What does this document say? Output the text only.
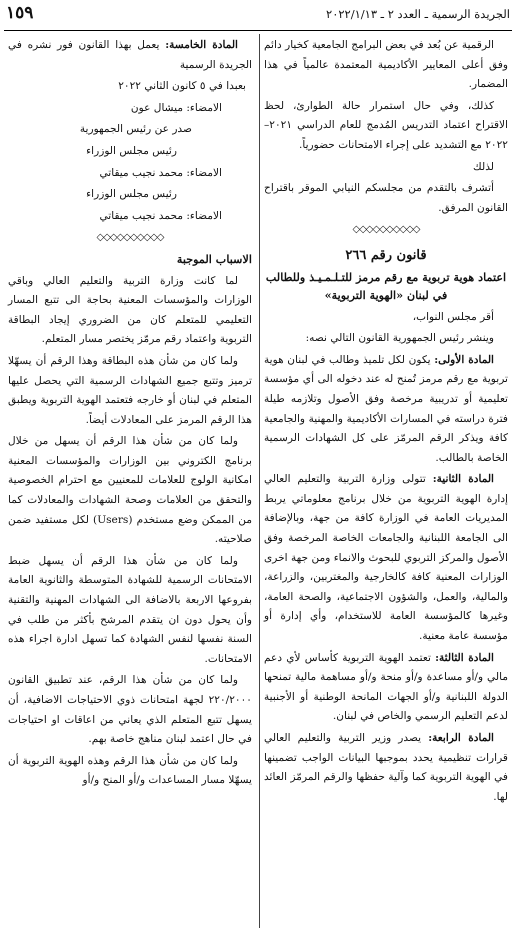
١٥٩	الجريدة الرسمية ـ العدد ٢ ـ ٢٠٢٢/١/١٣

الرقمية عن بُعد في بعض البرامج الجامعية كخيار دائم وفق أعلى المعايير الأكاديمية المعتمدة عالمياً في هذا المضمار.

كذلك، وفي حال استمرار حالة الطوارئ، لحظ الاقتراح اعتماد التدريس المُدمج للعام الدراسي ٢٠٢١–٢٠٢٢ مع التشديد على إجراء الامتحانات حضورياً.

لذلك

أتشرف بالتقدم من مجلسكم النيابي الموقر باقتراح القانون المرفق.

◇◇◇◇◇◇◇◇◇◇
قانون رقم ٢٦٦
اعتماد هوية تربوية مع رقم مرمز للتـلـمـيـذ وللطالب في لبنان «الهوية التربوية»

أقر مجلس النواب،

وينشر رئيس الجمهورية القانون التالي نصه:

المادة الأولى: يكون لكل تلميذ وطالب في لبنان هوية تربوية مع رقم مرمز تُمنح له عند دخوله الى أي مؤسسة تعليمية أو تدريبية مرخصة وفق الأصول وتلازمه طيلة فترة دراسته في المسارات الأكاديمية والمهنية والجامعية كافة ويذكر الرقم المرمّز على كل الشهادات الرسمية الخاصة بالطالب.

المادة الثانية: تتولى وزارة التربية والتعليم العالي إدارة الهوية التربوية من خلال برنامج معلوماتي يربط المديريات العامة في الوزارة كافة من جهة، وبالإضافة الى الجامعة اللبنانية والجامعات الخاصة المرخصة وفق الأصول والمركز التربوي للبحوث والانماء ومن جهة اخرى الوزارات المعنية كافة كالخارجية والمغتربين، والزراعة، والمالية، والعمل، والشؤون الاجتماعية، والصحة العامة، وغيرها كالمؤسسة العامة للاستخدام، وأي إدارة أو مؤسسة عامة معنية.

المادة الثالثة: تعتمد الهوية التربوية كأساس لأي دعم مالي و/أو مساعدة و/أو منحة و/أو مساهمة مالية تمنحها الدولة اللبنانية و/أو الجهات المانحة الوطنية أو الأجنبية لدعم التعليم الرسمي والخاص في لبنان.

المادة الرابعة: يصدر وزير التربية والتعليم العالي قرارات تنظيمية يحدد بموجبها البيانات الواجب تضمينها في الهوية التربوية كما وآلية حفظها والرقم المرمّز العائد لها.

المادة الخامسة: يعمل بهذا القانون فور نشره في الجريدة الرسمية

بعبدا في ٥ كانون الثاني ٢٠٢٢

الامضاء: ميشال عون

صدر عن رئيس الجمهورية

رئيس مجلس الوزراء

الامضاء: محمد نجيب ميقاتي

رئيس مجلس الوزراء

الامضاء: محمد نجيب ميقاتي

◇◇◇◇◇◇◇◇◇◇

الاسباب الموجبة

لما كانت وزارة التربية والتعليم العالي وباقي الوزارات والمؤسسات المعنية بحاجة الى تتبع المسار التعليمي للمتعلم كان من الضروري إيجاد البطاقة التربوية واعتماد رقم مرمّز يختصر مسار المتعلم.

ولما كان من شأن هذه البطاقة وهذا الرقم أن يسهّلا ترميز وتتبع جميع الشهادات الرسمية التي يحصل عليها المتعلم في لبنان أو خارجه فتعتمد الهوية التربوية ويطبق هذا الرقم المرمز على المعادلات أيضاً.

ولما كان من شأن هذا الرقم أن يسهل من خلال برنامج الكتروني بين الوزارات والمؤسسات المعنية امكانية الولوج للعلامات للمعنيين مع احترام الخصوصية والتحقق من العلامات وصحة الشهادات والمعادلات كما من الممكن وضع مستخدم (Users) لكل مستفيد ضمن صلاحيته.

ولما كان من شأن هذا الرقم أن يسهل ضبط الامتحانات الرسمية للشهادة المتوسطة والثانوية العامة بفروعها الاربعة بالاضافة الى الشهادات المهنية والتقنية وأن يحول دون ان يتقدم المرشح بأكثر من طلب في السنة نفسها لنفس الشهادة كما تسهل ادارة اجراء هذه الامتحانات.

ولما كان من شأن هذا الرقم، عند تطبيق القانون ٢٢٠/٢٠٠٠ لجهة امتحانات ذوي الاحتياجات الاضافية، أن يسهل تتبع المتعلم الذي يعاني من اعاقات او احتياجات في حال اعتمد لبنان مناهج خاصة بهم.

ولما كان من شأن هذا الرقم وهذه الهوية التربوية أن يسهّلا مسار المساعدات و/أو المنح و/أو
